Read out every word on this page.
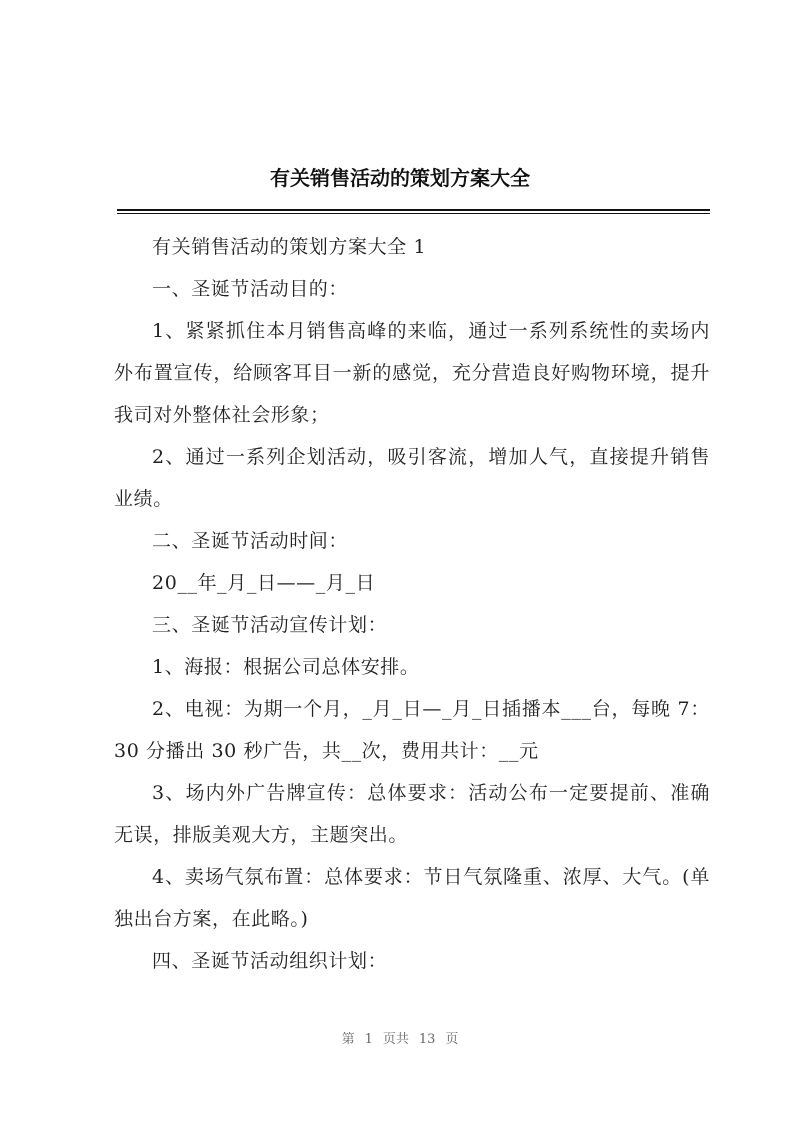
有关销售活动的策划方案大全

有关销售活动的策划方案大全 1

一、圣诞节活动目的：

1、紧紧抓住本月销售高峰的来临，通过一系列系统性的卖场内外布置宣传，给顾客耳目一新的感觉，充分营造良好购物环境，提升我司对外整体社会形象；

2、通过一系列企划活动，吸引客流，增加人气，直接提升销售业绩。

二、圣诞节活动时间：

20__年_月_日——_月_日

三、圣诞节活动宣传计划：

1、海报：根据公司总体安排。

2、电视：为期一个月，_月_日—_月_日插播本___台，每晚 7：30 分播出 30 秒广告，共__次，费用共计：__元

3、场内外广告牌宣传：总体要求：活动公布一定要提前、准确无误，排版美观大方，主题突出。

4、卖场气氛布置：总体要求：节日气氛隆重、浓厚、大气。(单独出台方案，在此略。)

四、圣诞节活动组织计划：

第 1 页共 13 页
